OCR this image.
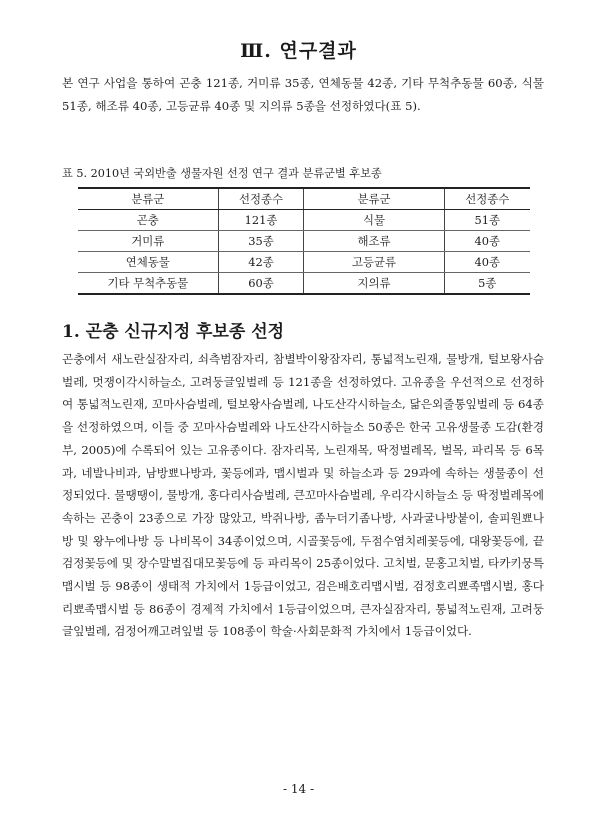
Ⅲ. 연구결과

본 연구 사업을 통하여 곤충 121종, 거미류 35종, 연체동물 42종, 기타 무척추동물 60종, 식물 51종, 해조류 40종, 고등균류 40종 및 지의류 5종을 선정하였다(표 5).

표 5. 2010년 국외반출 생물자원 선정 연구 결과 분류군별 후보종
분류군	선정종수	분류군	선정종수
곤충	121종	식물	51종
거미류	35종	해조류	40종
연체동물	42종	고등균류	40종
기타 무척추동물	60종	지의류	5종
1. 곤충 신규지정 후보종 선정

곤충에서 새노란실잠자리, 쇠측범잠자리, 참별박이왕잠자리, 통넓적노린재, 물방개, 털보왕사슴벌레, 멋쟁이각시하늘소, 고려둥글잎벌레 등 121종을 선정하였다. 고유종을 우선적으로 선정하여 통넓적노린재, 꼬마사슴벌레, 털보왕사슴벌레, 나도산각시하늘소, 닮은외줄통잎벌레 등 64종을 선정하였으며, 이들 중 꼬마사슴벌레와 나도산각시하늘소 50종은 한국 고유생물종 도감(환경부, 2005)에 수록되어 있는 고유종이다. 잠자리목, 노린재목, 딱정벌레목, 벌목, 파리목 등 6목과, 네발나비과, 남방뾰나방과, 꽃등에과, 맵시벌과 및 하늘소과 등 29과에 속하는 생물종이 선정되었다. 물땡땡이, 물방개, 홍다리사슴벌레, 큰꼬마사슴벌레, 우리각시하늘소 등 딱정벌레목에 속하는 곤충이 23종으로 가장 많았고, 박쥐나방, 좀누더기좀나방, 사과굴나방붙이, 솔피원뾰나방 및 왕누에나방 등 나비목이 34종이었으며, 시골꽃등에, 두점수염치레꽃등에, 대왕꽃등에, 끝검정꽃등에 및 장수말벌집대모꽃등에 등 파리목이 25종이었다. 고치벌, 문홍고치벌, 타카키뭉특맵시벌 등 98종이 생태적 가치에서 1등급이었고, 검은배호리맵시벌, 검정호리뾰족맵시벌, 홍다리뾰족맵시벌 등 86종이 경제적 가치에서 1등급이었으며, 큰자실잠자리, 통넓적노린재, 고려둥글잎벌레, 검정어깨고려잎벌 등 108종이 학술·사회문화적 가치에서 1등급이었다.

- 14 -
